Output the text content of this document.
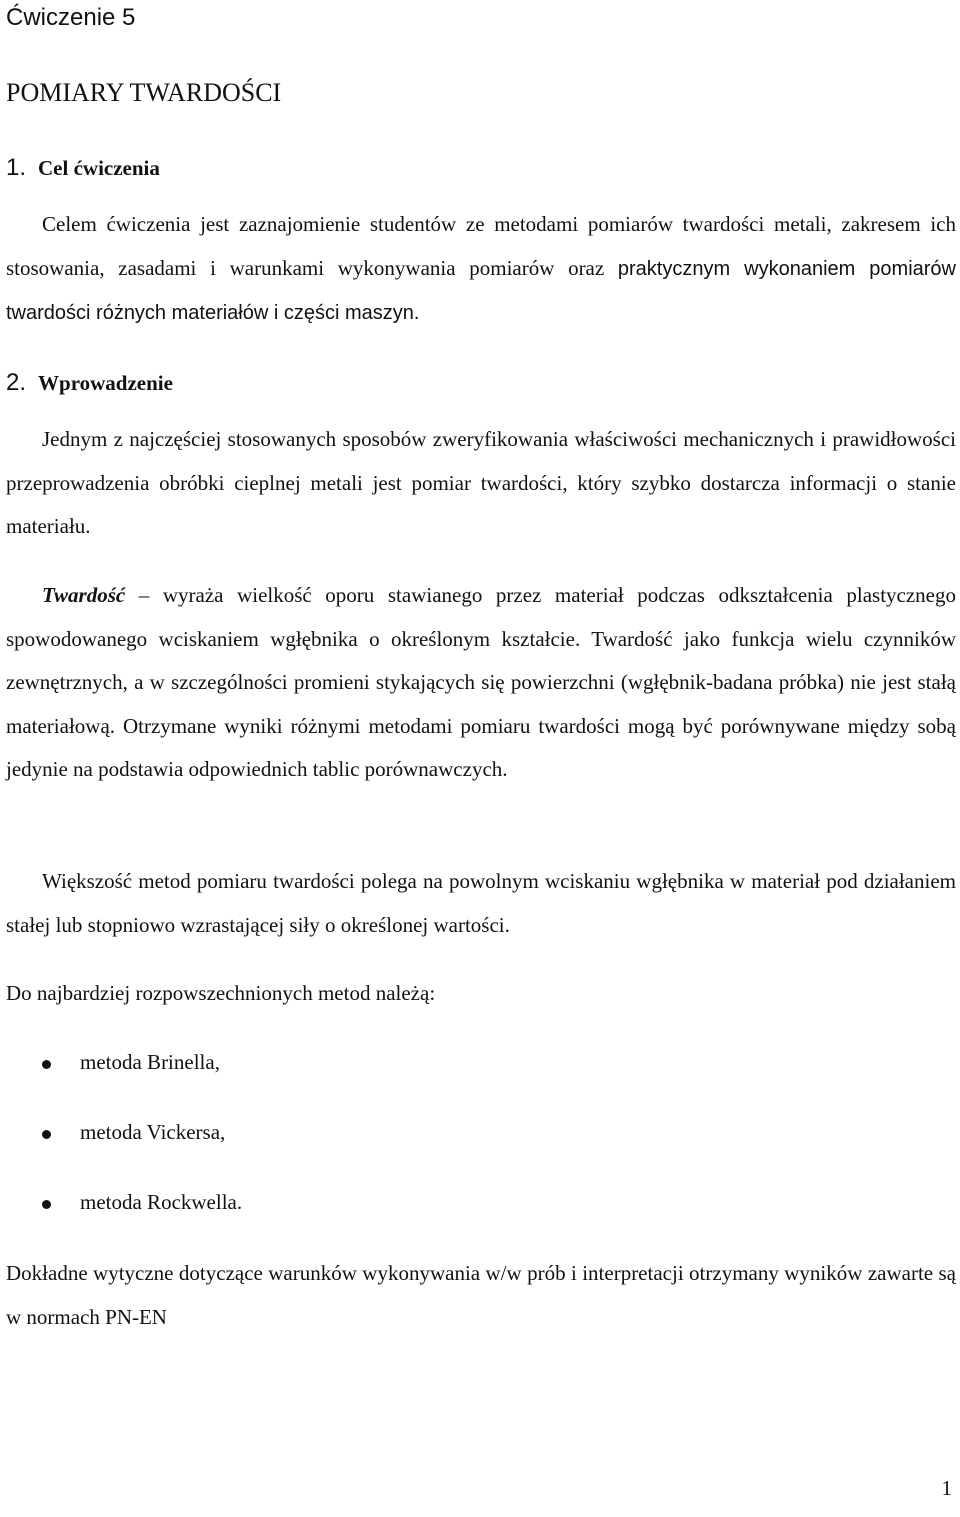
Ćwiczenie 5
POMIARY TWARDOŚCI
1. Cel ćwiczenia

Celem ćwiczenia jest zaznajomienie studentów ze metodami pomiarów twardości metali, zakresem ich stosowania, zasadami i warunkami wykonywania pomiarów oraz praktycznym wykonaniem pomiarów twardości różnych materiałów i części maszyn.

2. Wprowadzenie

Jednym z najczęściej stosowanych sposobów zweryfikowania właściwości mechanicznych i prawidłowości przeprowadzenia obróbki cieplnej metali jest pomiar twardości, który szybko dostarcza informacji o stanie materiału.

Twardość – wyraża wielkość oporu stawianego przez materiał podczas odkształcenia plastycznego spowodowanego wciskaniem wgłębnika o określonym kształcie. Twardość jako funkcja wielu czynników zewnętrznych, a w szczególności promieni stykających się powierzchni (wgłębnik-badana próbka) nie jest stałą materiałową. Otrzymane wyniki różnymi metodami pomiaru twardości mogą być porównywane między sobą jedynie na podstawia odpowiednich tablic porównawczych.

Większość metod pomiaru twardości polega na powolnym wciskaniu wgłębnika w materiał pod działaniem stałej lub stopniowo wzrastającej siły o określonej wartości.

Do najbardziej rozpowszechnionych metod należą:

metoda Brinella,
metoda Vickersa,
metoda Rockwella.

Dokładne wytyczne dotyczące warunków wykonywania w/w prób i interpretacji otrzymany wyników zawarte są w normach PN-EN

1
